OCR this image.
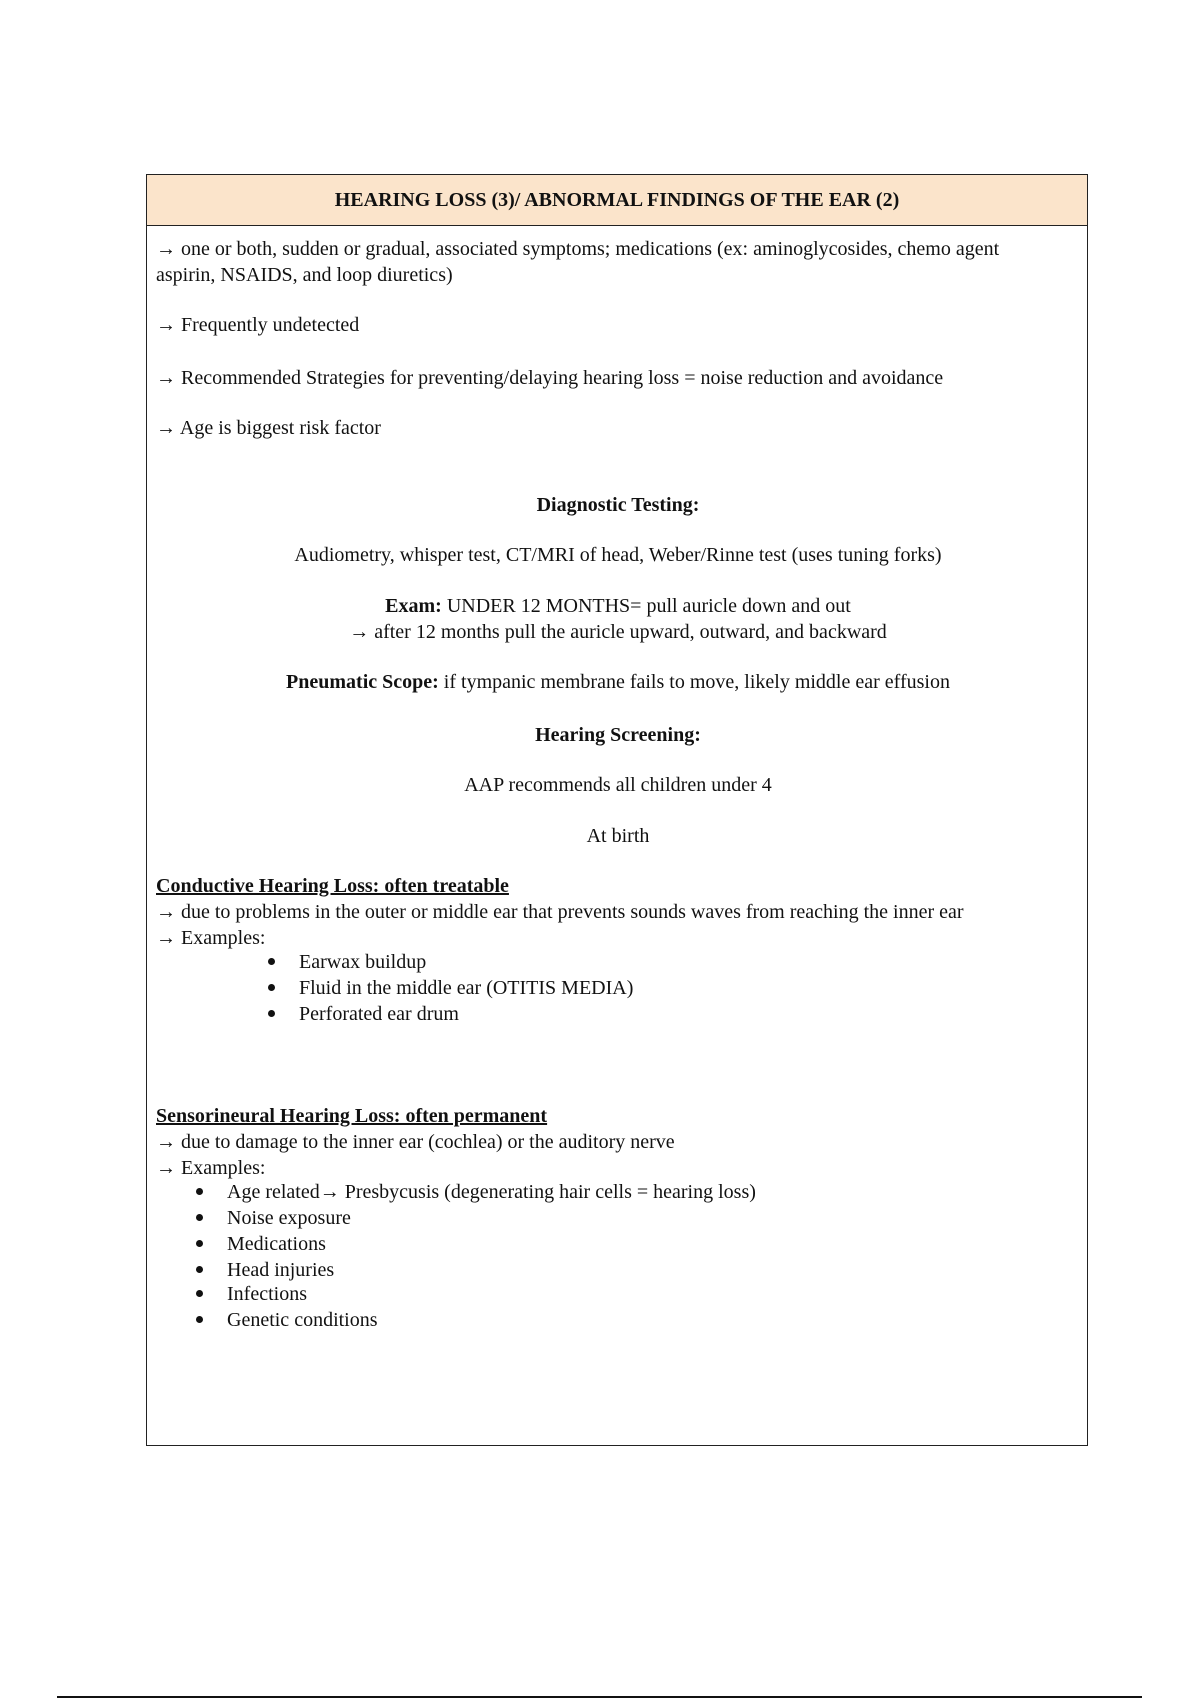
HEARING LOSS (3)/ ABNORMAL FINDINGS OF THE EAR (2)
→ one or both, sudden or gradual, associated symptoms; medications (ex: aminoglycosides, chemo agent
aspirin, NSAIDS, and loop diuretics)
→ Frequently undetected
→ Recommended Strategies for preventing/delaying hearing loss = noise reduction and avoidance
→ Age is biggest risk factor
Diagnostic Testing:
Audiometry, whisper test, CT/MRI of head, Weber/Rinne test (uses tuning forks)
Exam: UNDER 12 MONTHS= pull auricle down and out
→ after 12 months pull the auricle upward, outward, and backward
Pneumatic Scope: if tympanic membrane fails to move, likely middle ear effusion
Hearing Screening:
AAP recommends all children under 4
At birth
Conductive Hearing Loss: often treatable
→ due to problems in the outer or middle ear that prevents sounds waves from reaching the inner ear
→ Examples:
Earwax buildup
Fluid in the middle ear (OTITIS MEDIA)
Perforated ear drum
Sensorineural Hearing Loss: often permanent
→ due to damage to the inner ear (cochlea) or the auditory nerve
→ Examples:
Age related→ Presbycusis (degenerating hair cells = hearing loss)
Noise exposure
Medications
Head injuries
Infections
Genetic conditions
